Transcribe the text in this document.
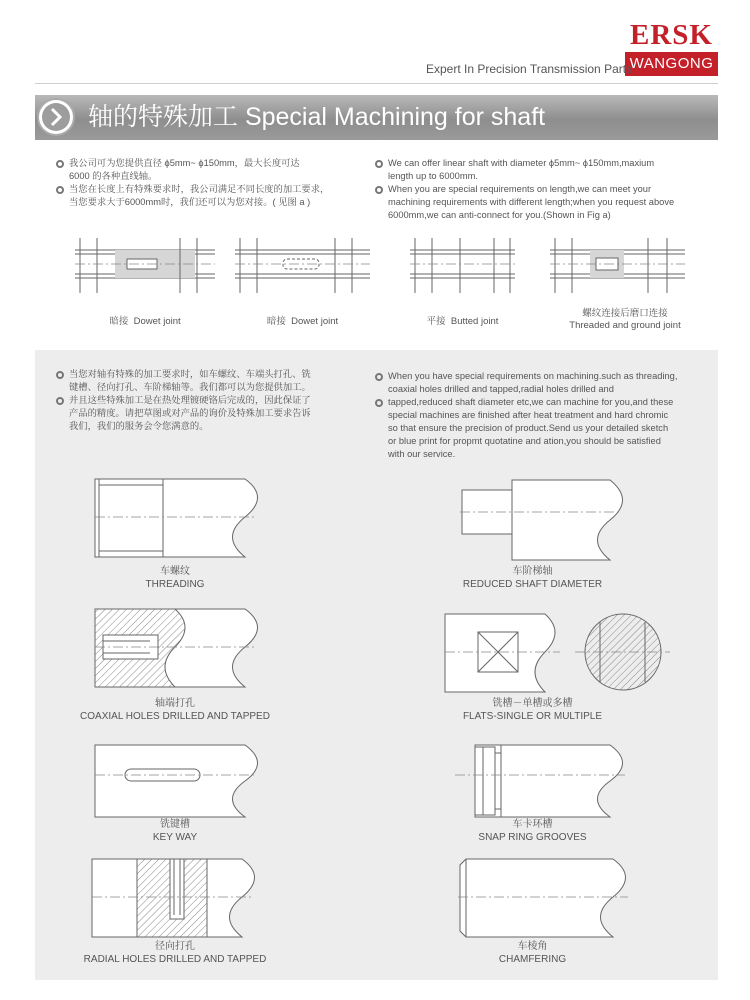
ERSK
WANGONG
Expert In Precision Transmission Parts
轴的特殊加工 Special Machining for shaft
我公司可为您提供直径 ϕ5mm~ ϕ150mm，最大长度可达
6000 的各种直线轴。
当您在长度上有特殊要求时，我公司满足不同长度的加工要求，
当您要求大于6000mm时，我们还可以为您对接。( 见图 a )
We can offer linear shaft with diameter ϕ5mm~ ϕ150mm,maxium
length up to 6000mm.
When you are special requirements on length,we can meet your
machining requirements with different length;when you request above
6000mm,we can anti-connect for you.(Shown in Fig a)
暗接 Dowet joint	暗接 Dowet joint	平接 Butted joint
螺纹连接后磨口连接
Threaded and ground joint
当您对轴有特殊的加工要求时，如车螺纹、车端头打孔、铣
键槽、径向打孔、车阶梯轴等。我们都可以为您提供加工。
并且这些特殊加工是在热处理镀硬铬后完成的，因此保证了
产品的精度。请把草图或对产品的询价及特殊加工要求告诉
我们，我们的服务会令您满意的。
When you have special requirements on machining.such as threading,
coaxial holes drilled and tapped,radial holes drilled and
tapped,reduced shaft diameter etc,we can machine for you,and these
special machines are finished after heat treatment and hard chromic
so that ensure the precision of product.Send us your detailed sketch
or blue print for propmt quotatine and ation,you should be satisfied
with our service.
车螺纹
THREADING
车阶梯轴
REDUCED SHAFT DIAMETER
轴端打孔
COAXIAL HOLES DRILLED AND TAPPED
铣槽－单槽或多槽
FLATS-SINGLE OR MULTIPLE
铣键槽
KEY WAY
车卡环槽
SNAP RING GROOVES
径向打孔
RADIAL HOLES DRILLED AND TAPPED
车棱角
CHAMFERING
